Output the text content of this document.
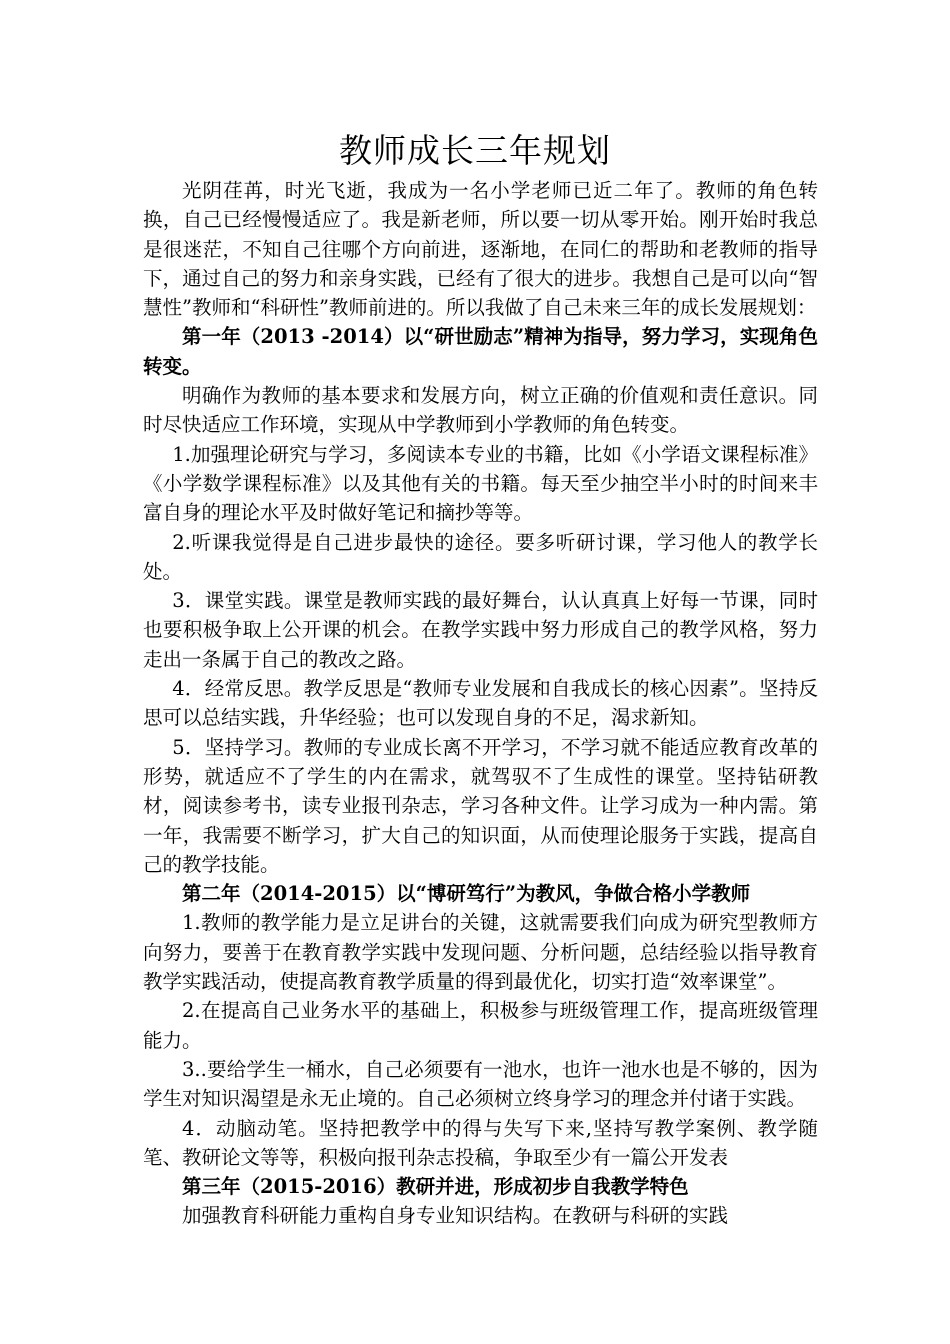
教师成长三年规划

光阴荏苒，时光飞逝，我成为一名小学老师已近二年了。教师的角色转换，自己已经慢慢适应了。我是新老师，所以要一切从零开始。刚开始时我总是很迷茫，不知自己往哪个方向前进，逐渐地，在同仁的帮助和老教师的指导下，通过自己的努力和亲身实践，已经有了很大的进步。我想自己是可以向“智慧性”教师和“科研性”教师前进的。所以我做了自己未来三年的成长发展规划：

第一年（2013 -2014）以“研世励志”精神为指导，努力学习，实现角色转变。

明确作为教师的基本要求和发展方向，树立正确的价值观和责任意识。同时尽快适应工作环境，实现从中学教师到小学教师的角色转变。

1.加强理论研究与学习，多阅读本专业的书籍，比如《小学语文课程标准》《小学数学课程标准》以及其他有关的书籍。每天至少抽空半小时的时间来丰富自身的理论水平及时做好笔记和摘抄等等。

2.听课我觉得是自己进步最快的途径。要多听研讨课，学习他人的教学长处。

3．课堂实践。课堂是教师实践的最好舞台，认认真真上好每一节课，同时也要积极争取上公开课的机会。在教学实践中努力形成自己的教学风格，努力走出一条属于自己的教改之路。

4．经常反思。教学反思是“教师专业发展和自我成长的核心因素”。坚持反思可以总结实践，升华经验；也可以发现自身的不足，渴求新知。

5．坚持学习。教师的专业成长离不开学习，不学习就不能适应教育改革的形势，就适应不了学生的内在需求，就驾驭不了生成性的课堂。坚持钻研教材，阅读参考书，读专业报刊杂志，学习各种文件。让学习成为一种内需。第一年，我需要不断学习，扩大自己的知识面，从而使理论服务于实践，提高自己的教学技能。

第二年（2014-2015）以“博研笃行”为教风，争做合格小学教师

1.教师的教学能力是立足讲台的关键，这就需要我们向成为研究型教师方向努力，要善于在教育教学实践中发现问题、分析问题，总结经验以指导教育教学实践活动，使提高教育教学质量的得到最优化，切实打造“效率课堂”。

2.在提高自己业务水平的基础上，积极参与班级管理工作，提高班级管理能力。

3..要给学生一桶水，自己必须要有一池水，也许一池水也是不够的，因为学生对知识渴望是永无止境的。自己必须树立终身学习的理念并付诸于实践。

4．动脑动笔。坚持把教学中的得与失写下来,坚持写教学案例、教学随笔、教研论文等等，积极向报刊杂志投稿，争取至少有一篇公开发表

第三年（2015-2016）教研并进，形成初步自我教学特色

加强教育科研能力重构自身专业知识结构。在教研与科研的实践
